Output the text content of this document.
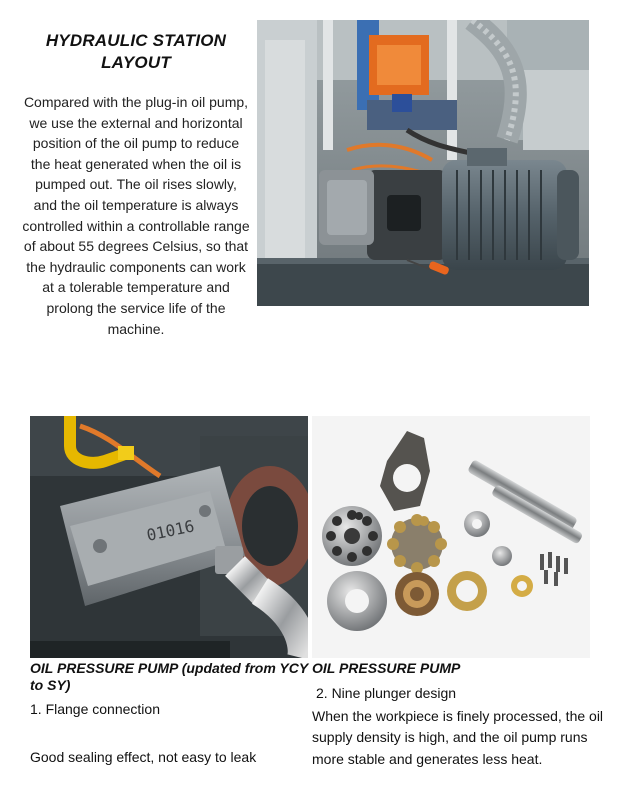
HYDRAULIC STATION
LAYOUT

Compared with the plug-in oil pump, we use the external and horizontal position of the oil pump to reduce the heat generated when the oil is pumped out. The oil rises slowly, and the oil temperature is always controlled within a controllable range of about 55 degrees Celsius, so that the hydraulic components can work at a tolerable temperature and prolong the service life of the machine.

01016
OIL PRESSURE PUMP (updated from YCY to SY)
1. Flange connection
Good sealing effect, not easy to leak
OIL PRESSURE PUMP
2. Nine plunger design
When the workpiece is finely processed, the oil supply density is high, and the oil pump runs more stable and generates less heat.
